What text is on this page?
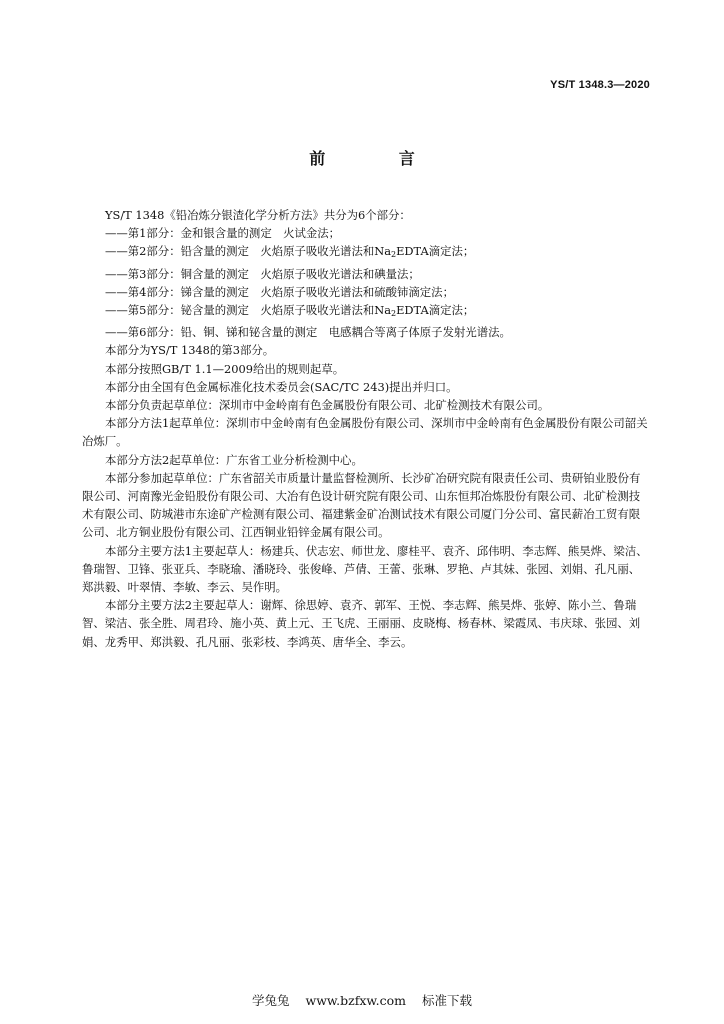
YS/T 1348.3—2020
前 言

YS/T 1348《铅冶炼分银渣化学分析方法》共分为6个部分：

——第1部分：金和银含量的测定　火试金法；

——第2部分：铅含量的测定　火焰原子吸收光谱法和$Na_2EDTA$滴定法；

——第3部分：铜含量的测定　火焰原子吸收光谱法和碘量法；

——第4部分：锑含量的测定　火焰原子吸收光谱法和硫酸铈滴定法；

——第5部分：铋含量的测定　火焰原子吸收光谱法和$Na_2EDTA$滴定法；

——第6部分：铅、铜、锑和铋含量的测定　电感耦合等离子体原子发射光谱法。

本部分为YS/T 1348的第3部分。

本部分按照GB/T 1.1—2009给出的规则起草。

本部分由全国有色金属标准化技术委员会(SAC/TC 243)提出并归口。

本部分负责起草单位：深圳市中金岭南有色金属股份有限公司、北矿检测技术有限公司。

本部分方法1起草单位：深圳市中金岭南有色金属股份有限公司、深圳市中金岭南有色金属股份有限公司韶关冶炼厂。

本部分方法2起草单位：广东省工业分析检测中心。

本部分参加起草单位：广东省韶关市质量计量监督检测所、长沙矿冶研究院有限责任公司、贵研铂业股份有限公司、河南豫光金铅股份有限公司、大冶有色设计研究院有限公司、山东恒邦冶炼股份有限公司、北矿检测技术有限公司、防城港市东途矿产检测有限公司、福建紫金矿冶测试技术有限公司厦门分公司、富民薪冶工贸有限公司、北方铜业股份有限公司、江西铜业铅锌金属有限公司。

本部分主要方法1主要起草人：杨建兵、伏志宏、师世龙、廖桂平、袁齐、邱伟明、李志辉、熊昊烨、梁洁、鲁瑞智、卫锋、张亚兵、李晓瑜、潘晓玲、张俊峰、芦倩、王蕾、张琳、罗艳、卢其妹、张园、刘娟、孔凡丽、郑洪毅、叶翠情、李敏、李云、吴作明。

本部分主要方法2主要起草人：谢辉、徐思婷、袁齐、郭军、王悦、李志辉、熊昊烨、张婷、陈小兰、鲁瑞智、梁洁、张全胜、周君玲、施小英、黄上元、王飞虎、王丽丽、皮晓梅、杨春林、梁霞凤、韦庆球、张园、刘娟、龙秀甲、郑洪毅、孔凡丽、张彩枝、李鸿英、唐华全、李云。

学兔兔 www.bzfxw.com 标准下载
